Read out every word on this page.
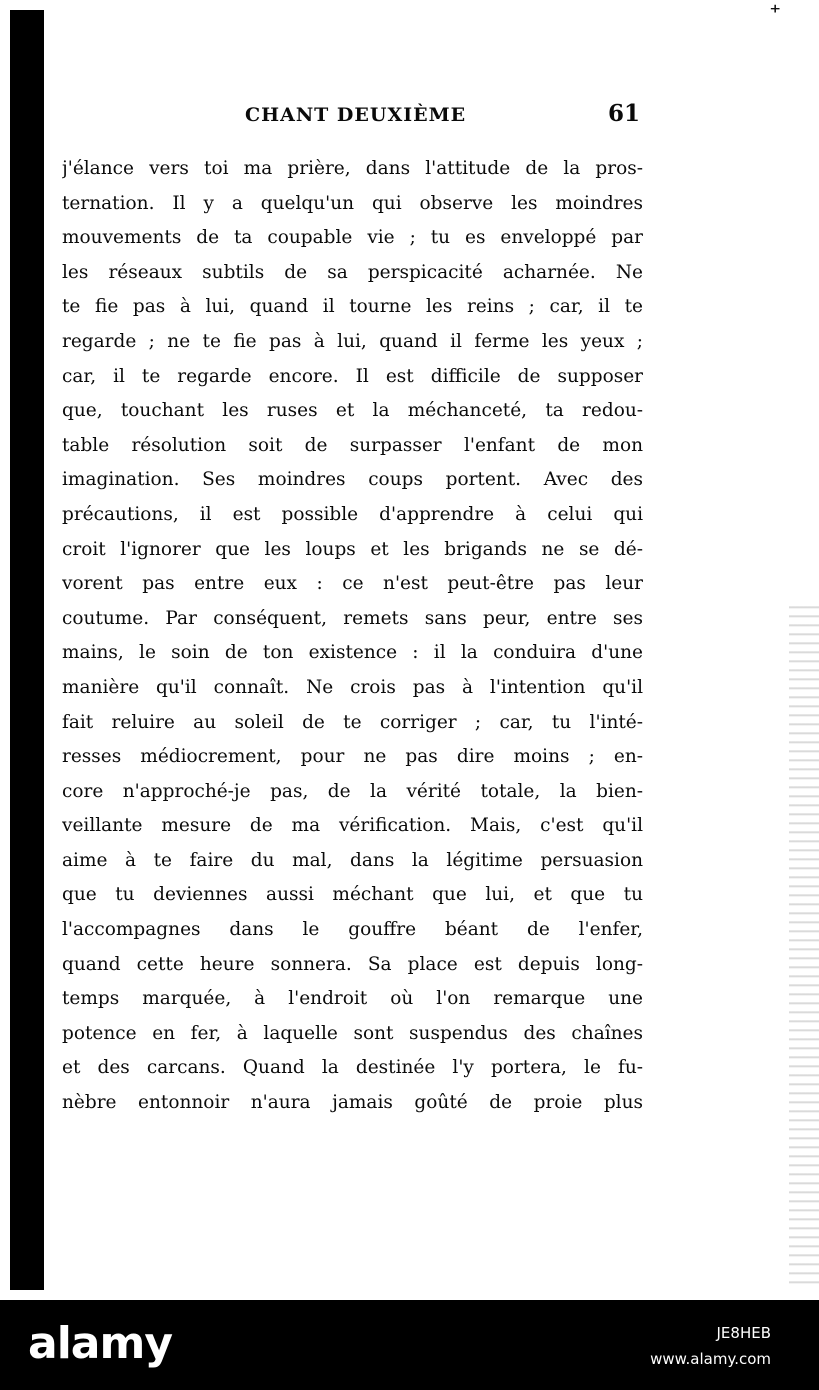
⁺
CHANT DEUXIÈME	61
j'élance vers toi ma prière, dans l'attitude de la pros-
ternation. Il y a quelqu'un qui observe les moindres
mouvements de ta coupable vie ; tu es enveloppé par
les réseaux subtils de sa perspicacité acharnée. Ne
te fie pas à lui, quand il tourne les reins ; car, il te
regarde ; ne te fie pas à lui, quand il ferme les yeux ;
car, il te regarde encore. Il est difficile de supposer
que, touchant les ruses et la méchanceté, ta redou-
table résolution soit de surpasser l'enfant de mon
imagination. Ses moindres coups portent. Avec des
précautions, il est possible d'apprendre à celui qui
croit l'ignorer que les loups et les brigands ne se dé-
vorent pas entre eux : ce n'est peut-être pas leur
coutume. Par conséquent, remets sans peur, entre ses
mains, le soin de ton existence : il la conduira d'une
manière qu'il connaît. Ne crois pas à l'intention qu'il
fait reluire au soleil de te corriger ; car, tu l'inté-
resses médiocrement, pour ne pas dire moins ; en-
core n'approché-je pas, de la vérité totale, la bien-
veillante mesure de ma vérification. Mais, c'est qu'il
aime à te faire du mal, dans la légitime persuasion
que tu deviennes aussi méchant que lui, et que tu
l'accompagnes dans le gouffre béant de l'enfer,
quand cette heure sonnera. Sa place est depuis long-
temps marquée, à l'endroit où l'on remarque une
potence en fer, à laquelle sont suspendus des chaînes
et des carcans. Quand la destinée l'y portera, le fu-
nèbre entonnoir n'aura jamais goûté de proie plus
alamy	JE8HEB
www.alamy.com
